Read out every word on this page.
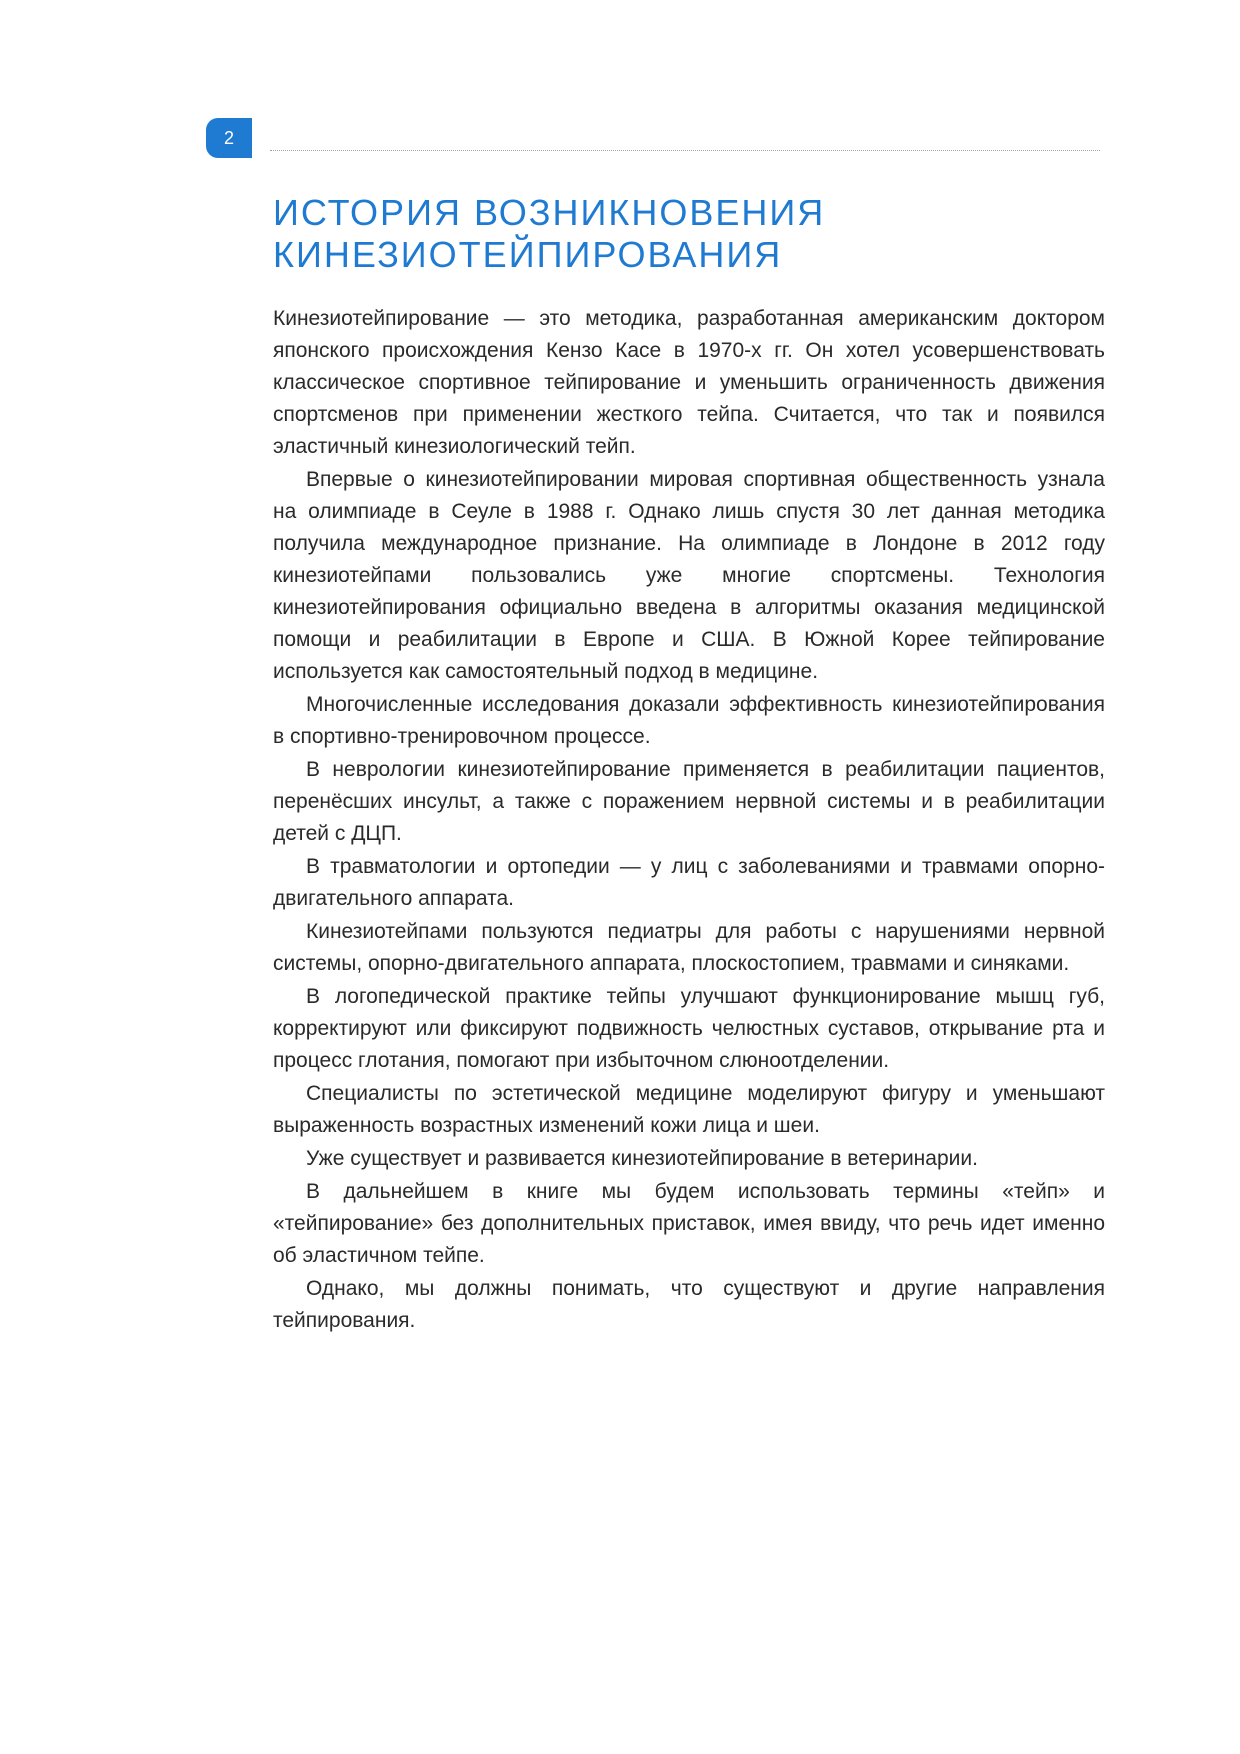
2
ИСТОРИЯ ВОЗНИКНОВЕНИЯ
КИНЕЗИОТЕЙПИРОВАНИЯ

Кинезиотейпирование — это методика, разработанная американским доктором японского происхождения Кензо Касе в 1970-х гг. Он хотел усовершенствовать классическое спортивное тейпирование и уменьшить ограниченность движения спортсменов при применении жесткого тейпа. Считается, что так и появился эластичный кинезиологический тейп.

Впервые о кинезиотейпировании мировая спортивная общественность узнала на олимпиаде в Сеуле в 1988 г. Однако лишь спустя 30 лет данная методика получила международное признание. На олимпиаде в Лондоне в 2012 году кинезиотейпами пользовались уже многие спортсмены. Технология кинезиотейпирования официально введена в алгоритмы оказания медицинской помощи и реабилитации в Европе и США. В Южной Корее тейпирование используется как самостоятельный подход в медицине.

Многочисленные исследования доказали эффективность кинезиотейпирования в спортивно-тренировочном процессе.

В неврологии кинезиотейпирование применяется в реабилитации пациентов, перенёсших инсульт, а также с поражением нервной системы и в реабилитации детей с ДЦП.

В травматологии и ортопедии — у лиц с заболеваниями и травмами опорно-двигательного аппарата.

Кинезиотейпами пользуются педиатры для работы с нарушениями нервной системы, опорно-двигательного аппарата, плоскостопием, травмами и синяками.

В логопедической практике тейпы улучшают функционирование мышц губ, корректируют или фиксируют подвижность челюстных суставов, открывание рта и процесс глотания, помогают при избыточном слюноотделении.

Специалисты по эстетической медицине моделируют фигуру и уменьшают выраженность возрастных изменений кожи лица и шеи.

Уже существует и развивается кинезиотейпирование в ветеринарии.

В дальнейшем в книге мы будем использовать термины «тейп» и «тейпирование» без дополнительных приставок, имея ввиду, что речь идет именно об эластичном тейпе.

Однако, мы должны понимать, что существуют и другие направления тейпирования.
